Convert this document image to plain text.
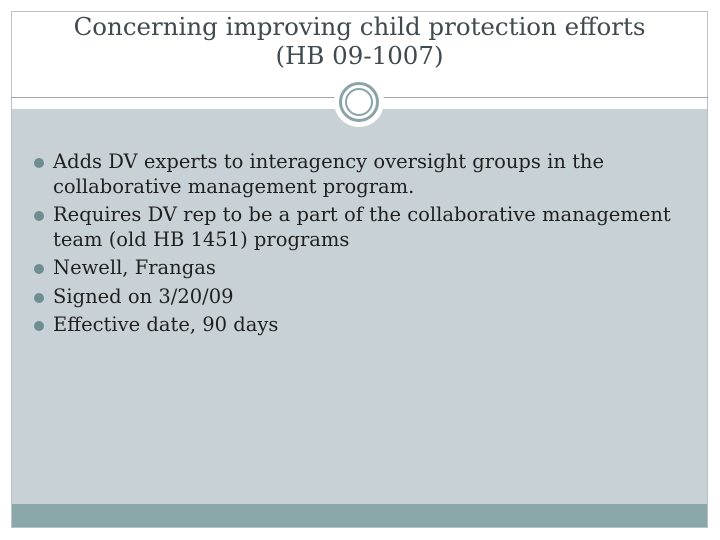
Concerning improving child protection efforts
(HB 09-1007)
Adds DV experts to interagency oversight groups in the collaborative management program.
Requires DV rep to be a part of the collaborative management team (old HB 1451) programs
Newell, Frangas
Signed on 3/20/09
Effective date, 90 days
